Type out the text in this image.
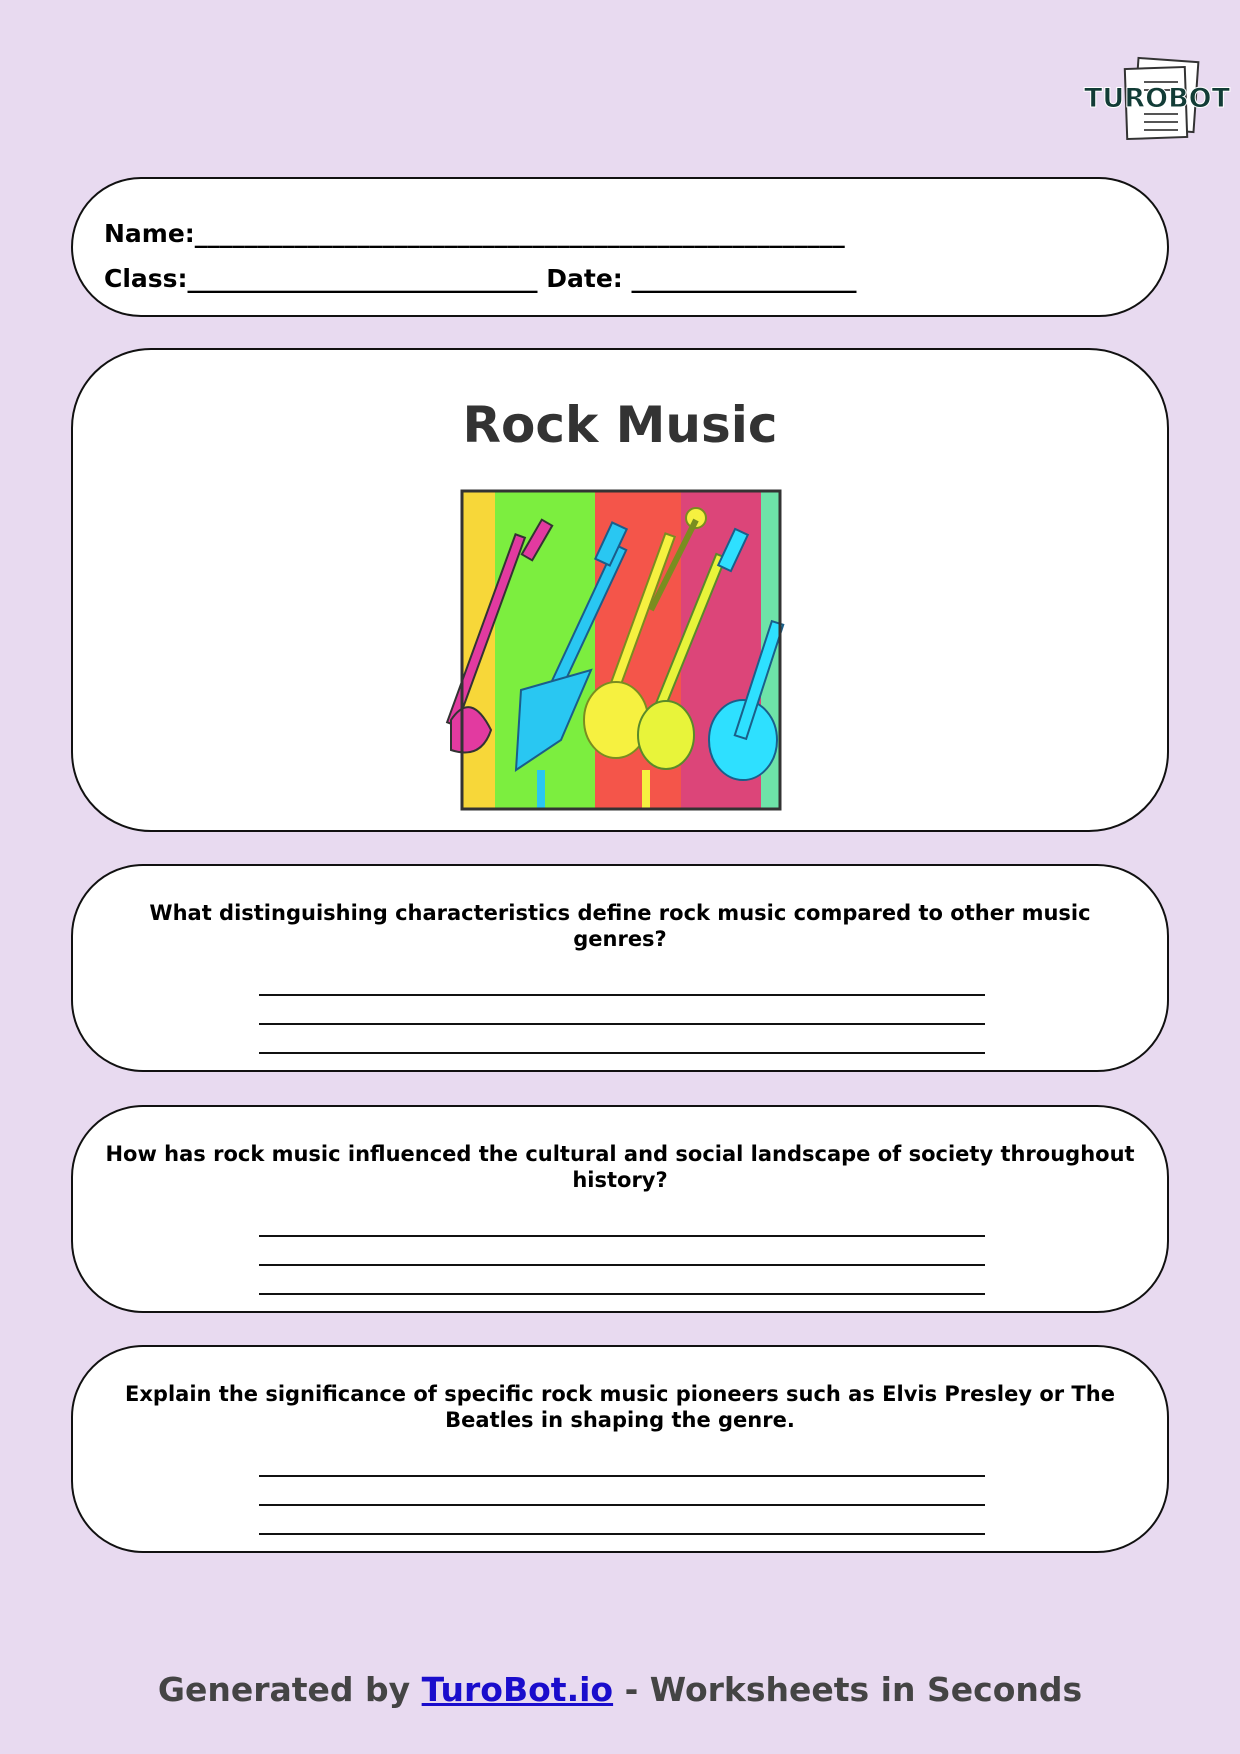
TUROBOT
Name:____________________________________________________
Class:____________________________ Date: __________________
Rock Music
What distinguishing characteristics define rock music compared to other music genres?
How has rock music influenced the cultural and social landscape of society throughout history?
Explain the significance of specific rock music pioneers such as Elvis Presley or The Beatles in shaping the genre.
Generated by TuroBot.io - Worksheets in Seconds
